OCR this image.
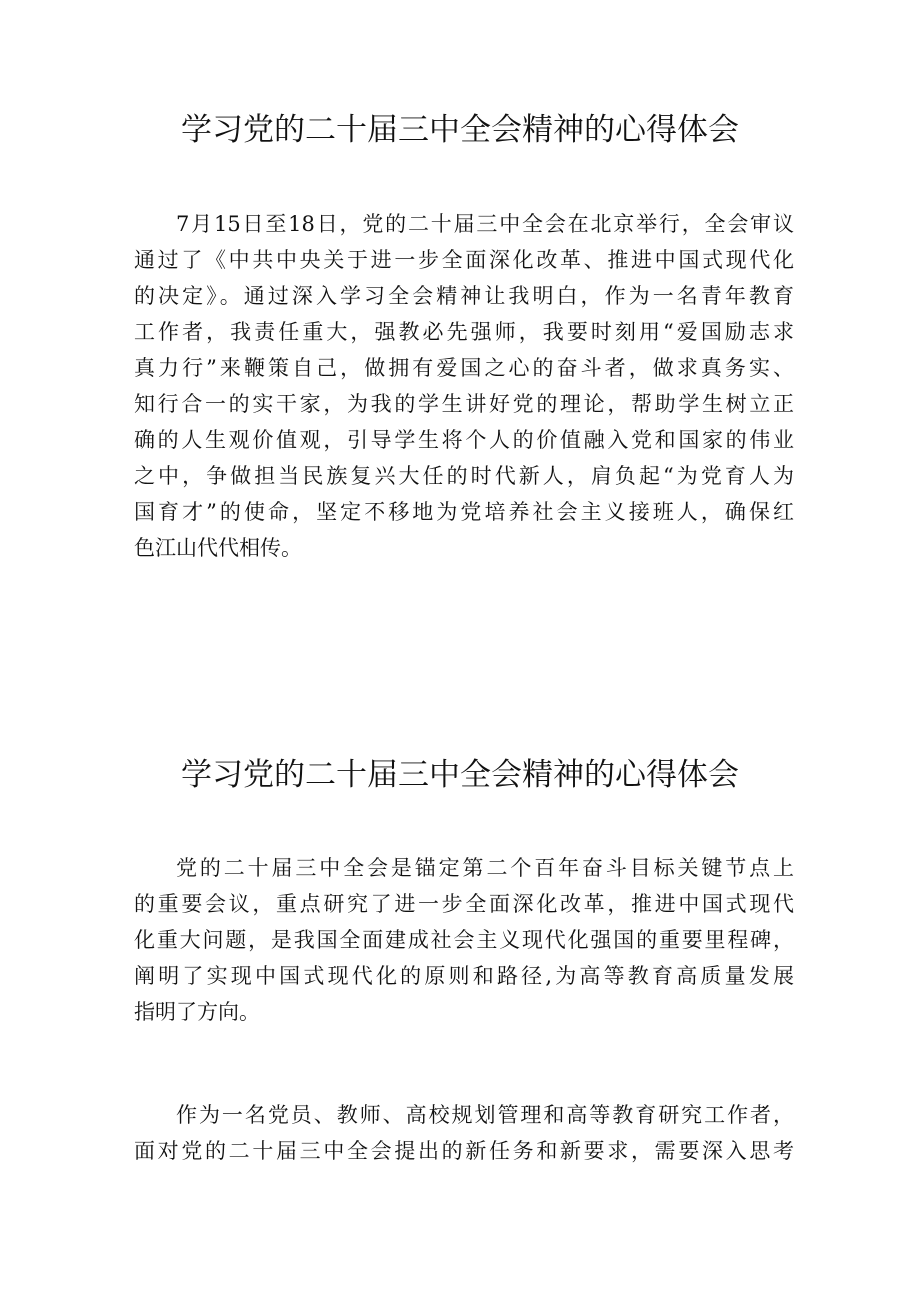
学习党的二十届三中全会精神的心得体会
7月15日至18日，党的二十届三中全会在北京举行，全会审议
通过了《中共中央关于进一步全面深化改革、推进中国式现代化
的决定》。通过深入学习全会精神让我明白，作为一名青年教育
工作者，我责任重大，强教必先强师，我要时刻用“爱国励志求
真力行”来鞭策自己，做拥有爱国之心的奋斗者，做求真务实、
知行合一的实干家，为我的学生讲好党的理论，帮助学生树立正
确的人生观价值观，引导学生将个人的价值融入党和国家的伟业
之中，争做担当民族复兴大任的时代新人，肩负起“为党育人为
国育才”的使命，坚定不移地为党培养社会主义接班人，确保红
色江山代代相传。
学习党的二十届三中全会精神的心得体会
党的二十届三中全会是锚定第二个百年奋斗目标关键节点上
的重要会议，重点研究了进一步全面深化改革，推进中国式现代
化重大问题，是我国全面建成社会主义现代化强国的重要里程碑，
阐明了实现中国式现代化的原则和路径,为高等教育高质量发展
指明了方向。
作为一名党员、教师、高校规划管理和高等教育研究工作者，
面对党的二十届三中全会提出的新任务和新要求，需要深入思考
